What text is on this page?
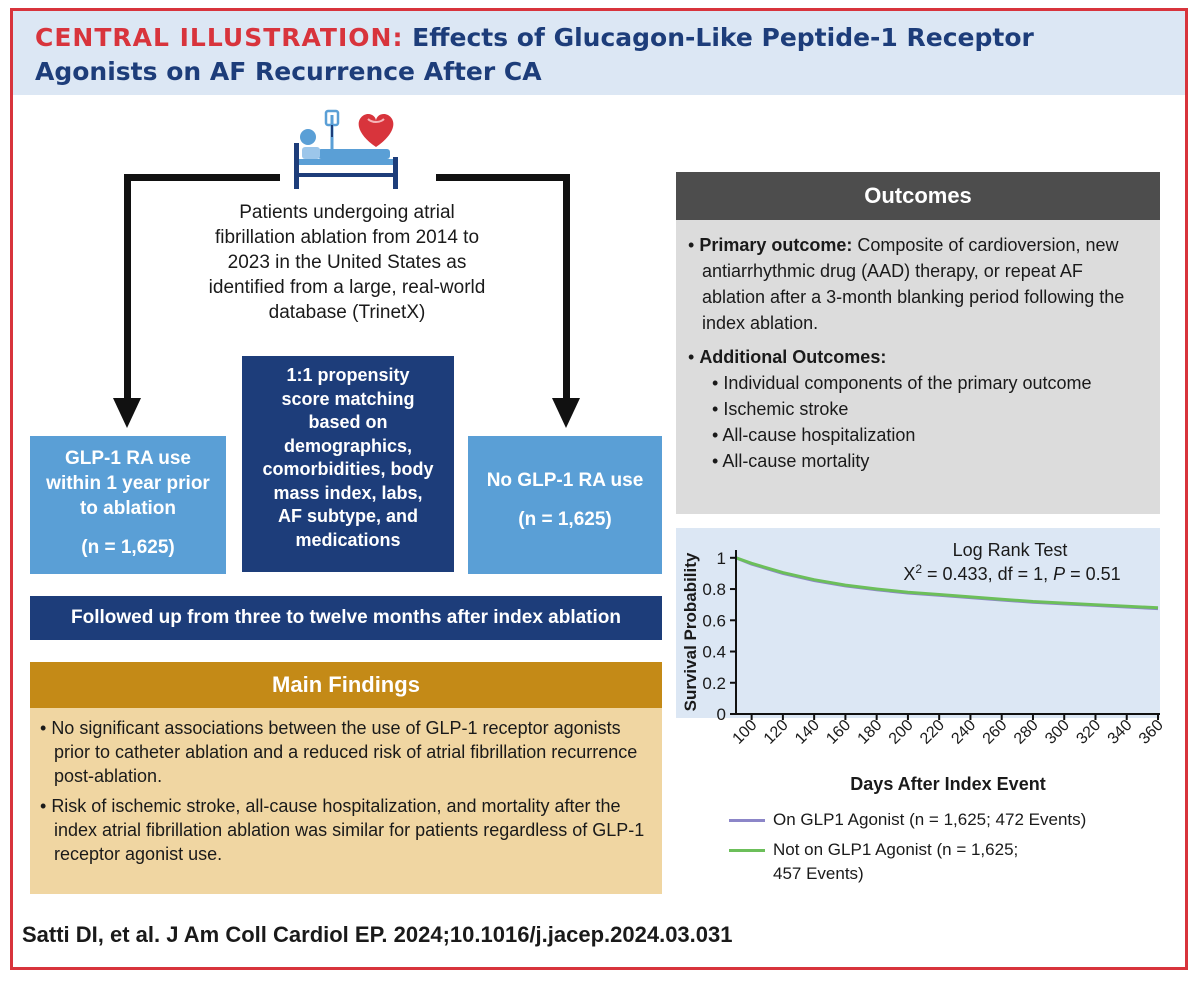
CENTRAL ILLUSTRATION: Effects of Glucagon-Like Peptide-1 Receptor
Agonists on AF Recurrence After CA
Patients undergoing atrial
fibrillation ablation from 2014 to
2023 in the United States as
identified from a large, real-world
database (TrinetX)
GLP-1 RA use
within 1 year prior
to ablation
(n = 1,625)
1:1 propensity
score matching
based on
demographics,
comorbidities, body
mass index, labs,
AF subtype, and
medications
No GLP-1 RA use
(n = 1,625)
Followed up from three to twelve months after index ablation
Main Findings
• No significant associations between the use of GLP-1 receptor agonists prior to catheter ablation and a reduced risk of atrial fibrillation recurrence post-ablation.
• Risk of ischemic stroke, all-cause hospitalization, and mortality after the index atrial fibrillation ablation was similar for patients regardless of GLP-1 receptor agonist use.
Outcomes
• Primary outcome: Composite of cardioversion, new antiarrhythmic drug (AAD) therapy, or repeat AF ablation after a 3-month blanking period following the index ablation.
• Additional Outcomes:
• Individual components of the primary outcome
• Ischemic stroke
• All-cause hospitalization
• All-cause mortality
0
0.2
0.4
0.6
0.8
1
100 120 140 160 180 200 220 240 260 280 300 320 340 360
Survival Probability
Days After Index Event
Log Rank Test
$X^2 = 0.433$, df = 1, P = 0.51
On GLP1 Agonist (n = 1,625; 472 Events)
Not on GLP1 Agonist (n = 1,625;
457 Events)
Satti DI, et al. J Am Coll Cardiol EP. 2024;10.1016/j.jacep.2024.03.031
